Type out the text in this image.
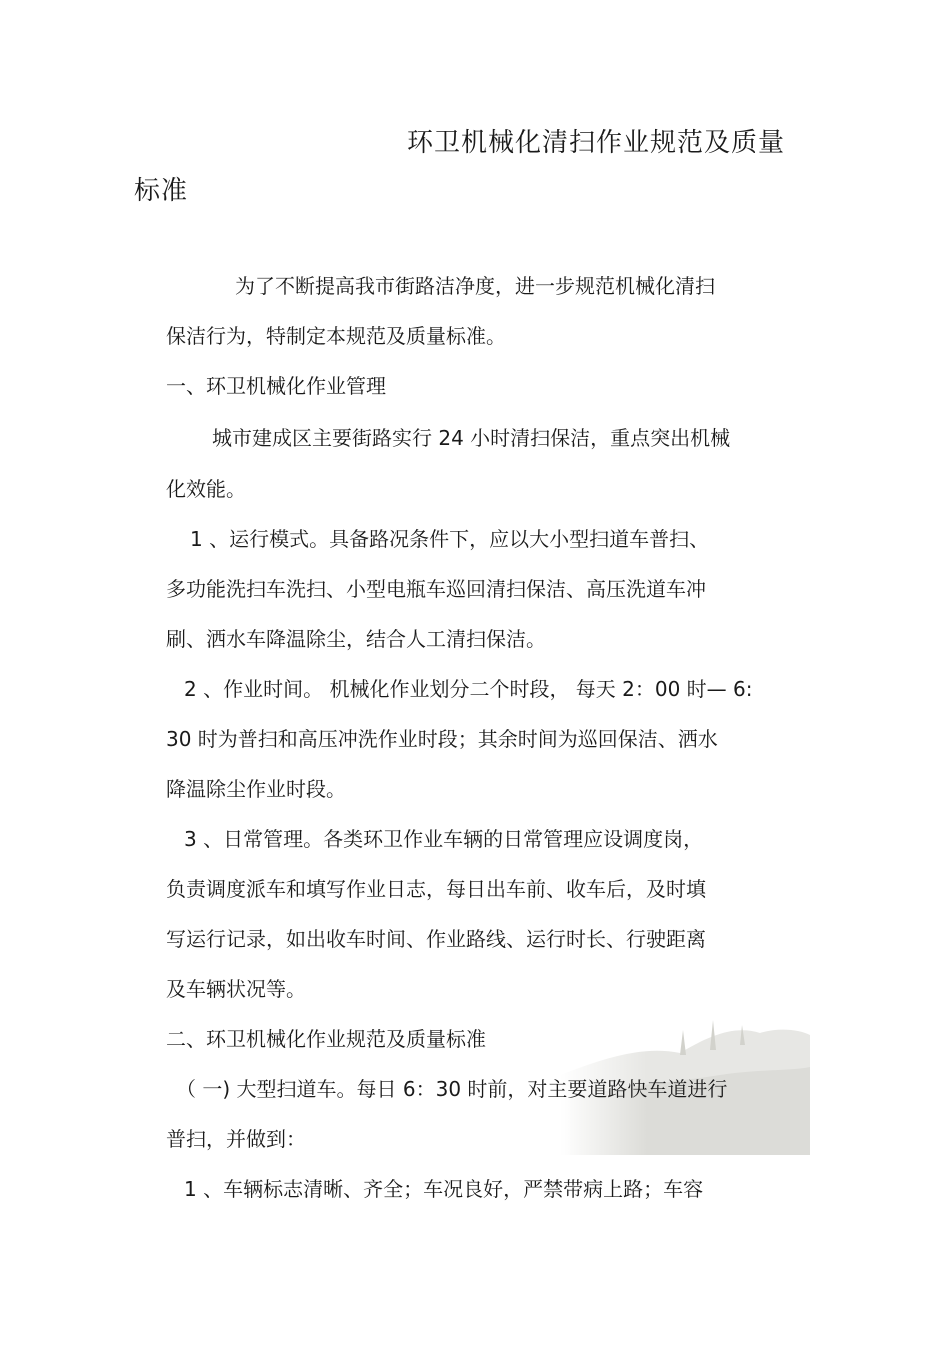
环卫机械化清扫作业规范及质量
标准
为了不断提高我市街路洁净度，进一步规范机械化清扫
保洁行为，特制定本规范及质量标准。
一、环卫机械化作业管理
城市建成区主要街路实行 24 小时清扫保洁，重点突出机械
化效能。
1 、运行模式。具备路况条件下，应以大小型扫道车普扫、
多功能洗扫车洗扫、小型电瓶车巡回清扫保洁、高压洗道车冲
刷、洒水车降温除尘，结合人工清扫保洁。
2 、作业时间。 机械化作业划分二个时段， 每天 2：00 时— 6:
30 时为普扫和高压冲洗作业时段；其余时间为巡回保洁、洒水
降温除尘作业时段。
3 、日常管理。各类环卫作业车辆的日常管理应设调度岗，
负责调度派车和填写作业日志，每日出车前、收车后，及时填
写运行记录，如出收车时间、作业路线、运行时长、行驶距离
及车辆状况等。
二、环卫机械化作业规范及质量标准
（ 一) 大型扫道车。每日 6：30 时前，对主要道路快车道进行
普扫，并做到：
1 、车辆标志清晰、齐全；车况良好，严禁带病上路；车容
